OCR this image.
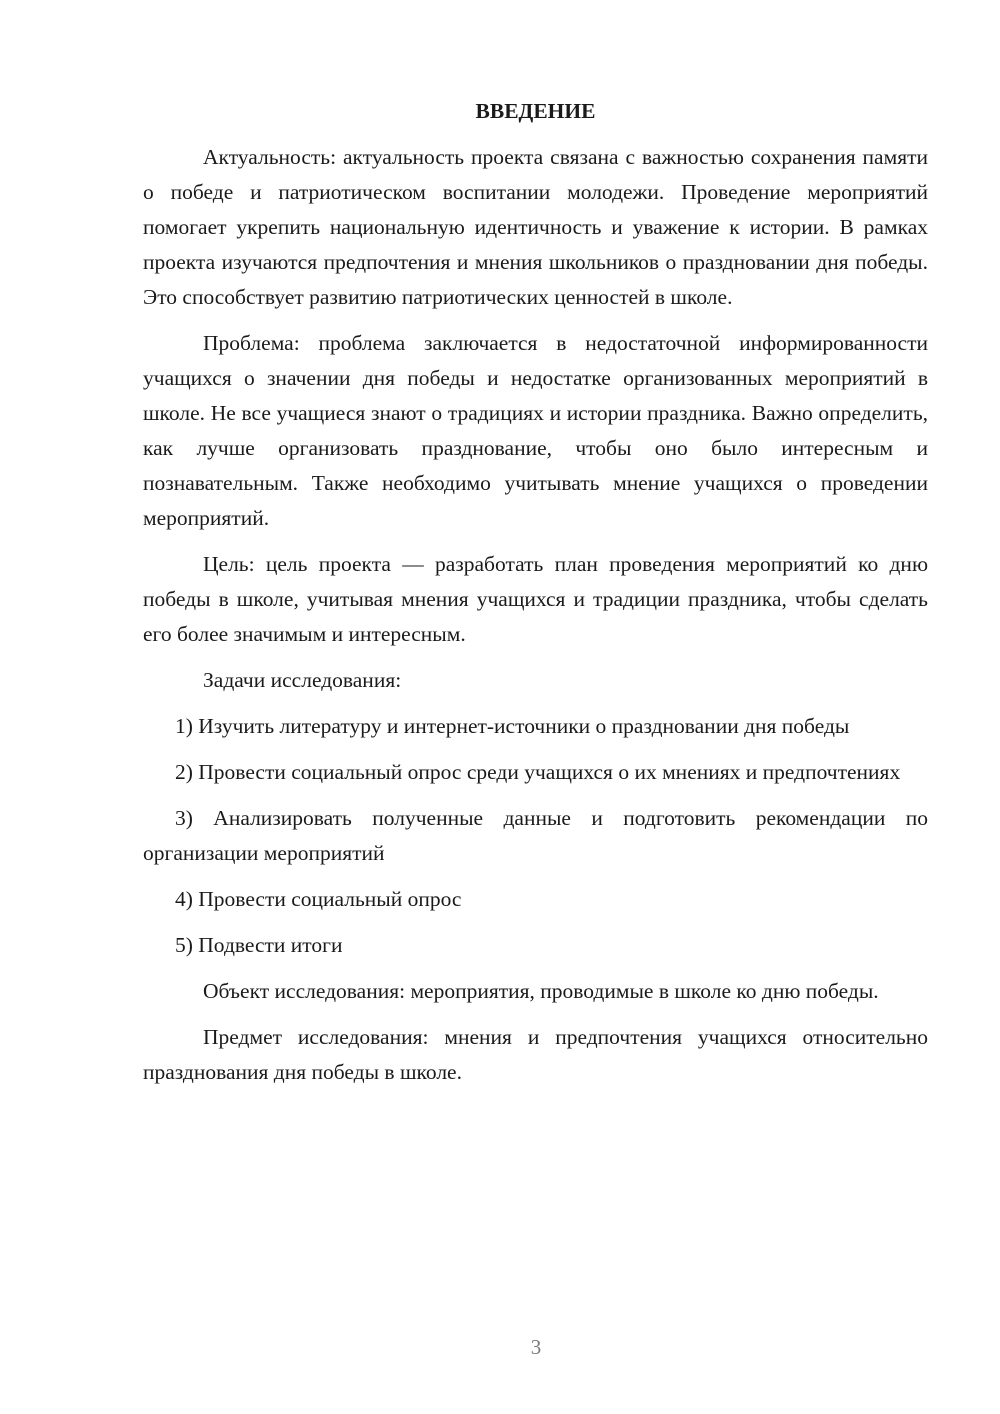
ВВЕДЕНИЕ

Актуальность: актуальность проекта связана с важностью сохранения памяти о победе и патриотическом воспитании молодежи. Проведение мероприятий помогает укрепить национальную идентичность и уважение к истории. В рамках проекта изучаются предпочтения и мнения школьников о праздновании дня победы. Это способствует развитию патриотических ценностей в школе.

Проблема: проблема заключается в недостаточной информированности учащихся о значении дня победы и недостатке организованных мероприятий в школе. Не все учащиеся знают о традициях и истории праздника. Важно определить, как лучше организовать празднование, чтобы оно было интересным и познавательным. Также необходимо учитывать мнение учащихся о проведении мероприятий.

Цель: цель проекта — разработать план проведения мероприятий ко дню победы в школе, учитывая мнения учащихся и традиции праздника, чтобы сделать его более значимым и интересным.

Задачи исследования:

1) Изучить литературу и интернет-источники о праздновании дня победы

2) Провести социальный опрос среди учащихся о их мнениях и предпочтениях

3) Анализировать полученные данные и подготовить рекомендации по организации мероприятий

4) Провести социальный опрос

5) Подвести итоги

Объект исследования: мероприятия, проводимые в школе ко дню победы.

Предмет исследования: мнения и предпочтения учащихся относительно празднования дня победы в школе.

3
